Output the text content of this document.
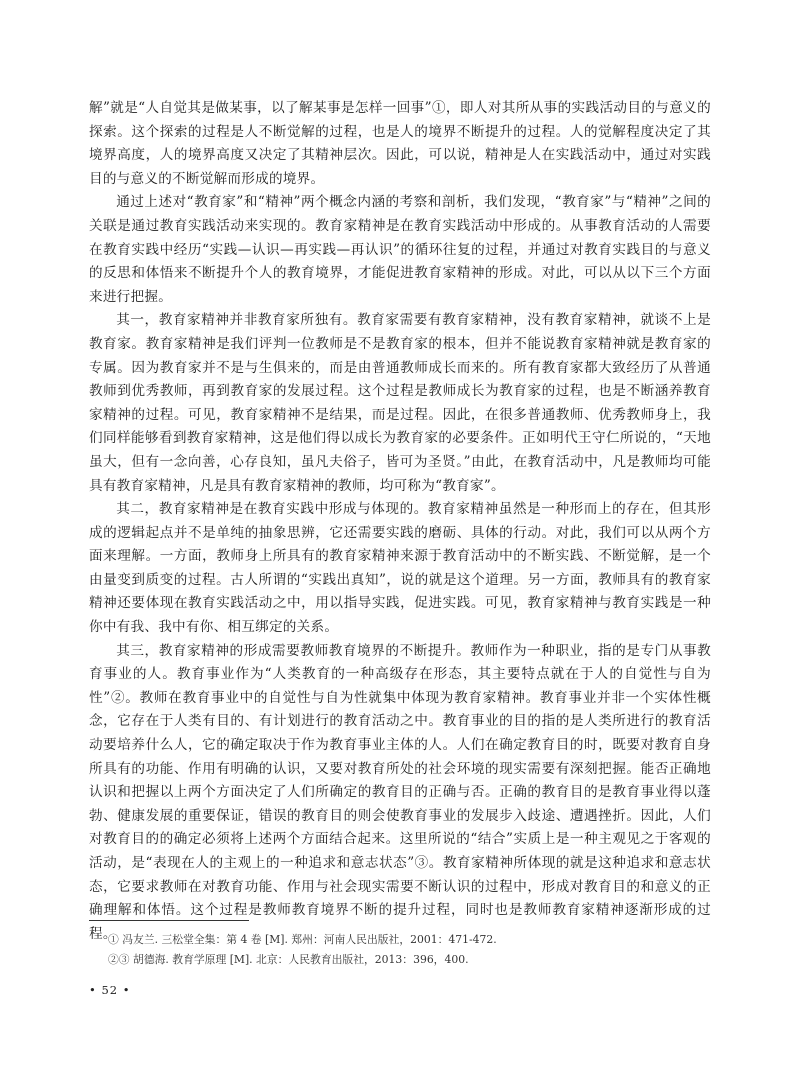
解”就是“人自觉其是做某事，以了解某事是怎样一回事”①，即人对其所从事的实践活动目的与意义的探索。这个探索的过程是人不断觉解的过程，也是人的境界不断提升的过程。人的觉解程度决定了其境界高度，人的境界高度又决定了其精神层次。因此，可以说，精神是人在实践活动中，通过对实践目的与意义的不断觉解而形成的境界。

通过上述对“教育家”和“精神”两个概念内涵的考察和剖析，我们发现，“教育家”与“精神”之间的关联是通过教育实践活动来实现的。教育家精神是在教育实践活动中形成的。从事教育活动的人需要在教育实践中经历“实践—认识—再实践—再认识”的循环往复的过程，并通过对教育实践目的与意义的反思和体悟来不断提升个人的教育境界，才能促进教育家精神的形成。对此，可以从以下三个方面来进行把握。

其一，教育家精神并非教育家所独有。教育家需要有教育家精神，没有教育家精神，就谈不上是教育家。教育家精神是我们评判一位教师是不是教育家的根本，但并不能说教育家精神就是教育家的专属。因为教育家并不是与生俱来的，而是由普通教师成长而来的。所有教育家都大致经历了从普通教师到优秀教师，再到教育家的发展过程。这个过程是教师成长为教育家的过程，也是不断涵养教育家精神的过程。可见，教育家精神不是结果，而是过程。因此，在很多普通教师、优秀教师身上，我们同样能够看到教育家精神，这是他们得以成长为教育家的必要条件。正如明代王守仁所说的，“天地虽大，但有一念向善，心存良知，虽凡夫俗子，皆可为圣贤。”由此，在教育活动中，凡是教师均可能具有教育家精神，凡是具有教育家精神的教师，均可称为“教育家”。

其二，教育家精神是在教育实践中形成与体现的。教育家精神虽然是一种形而上的存在，但其形成的逻辑起点并不是单纯的抽象思辨，它还需要实践的磨砺、具体的行动。对此，我们可以从两个方面来理解。一方面，教师身上所具有的教育家精神来源于教育活动中的不断实践、不断觉解，是一个由量变到质变的过程。古人所谓的“实践出真知”，说的就是这个道理。另一方面，教师具有的教育家精神还要体现在教育实践活动之中，用以指导实践，促进实践。可见，教育家精神与教育实践是一种你中有我、我中有你、相互绑定的关系。

其三，教育家精神的形成需要教师教育境界的不断提升。教师作为一种职业，指的是专门从事教育事业的人。教育事业作为“人类教育的一种高级存在形态，其主要特点就在于人的自觉性与自为性”②。教师在教育事业中的自觉性与自为性就集中体现为教育家精神。教育事业并非一个实体性概念，它存在于人类有目的、有计划进行的教育活动之中。教育事业的目的指的是人类所进行的教育活动要培养什么人，它的确定取决于作为教育事业主体的人。人们在确定教育目的时，既要对教育自身所具有的功能、作用有明确的认识，又要对教育所处的社会环境的现实需要有深刻把握。能否正确地认识和把握以上两个方面决定了人们所确定的教育目的正确与否。正确的教育目的是教育事业得以蓬勃、健康发展的重要保证，错误的教育目的则会使教育事业的发展步入歧途、遭遇挫折。因此，人们对教育目的的确定必须将上述两个方面结合起来。这里所说的“结合”实质上是一种主观见之于客观的活动，是“表现在人的主观上的一种追求和意志状态”③。教育家精神所体现的就是这种追求和意志状态，它要求教师在对教育功能、作用与社会现实需要不断认识的过程中，形成对教育目的和意义的正确理解和体悟。这个过程是教师教育境界不断的提升过程，同时也是教师教育家精神逐渐形成的过程。

① 冯友兰. 三松堂全集：第 4 卷 [M]. 郑州：河南人民出版社，2001：471-472.
②③ 胡德海. 教育学原理 [M]. 北京：人民教育出版社，2013：396，400.
• 52 •
